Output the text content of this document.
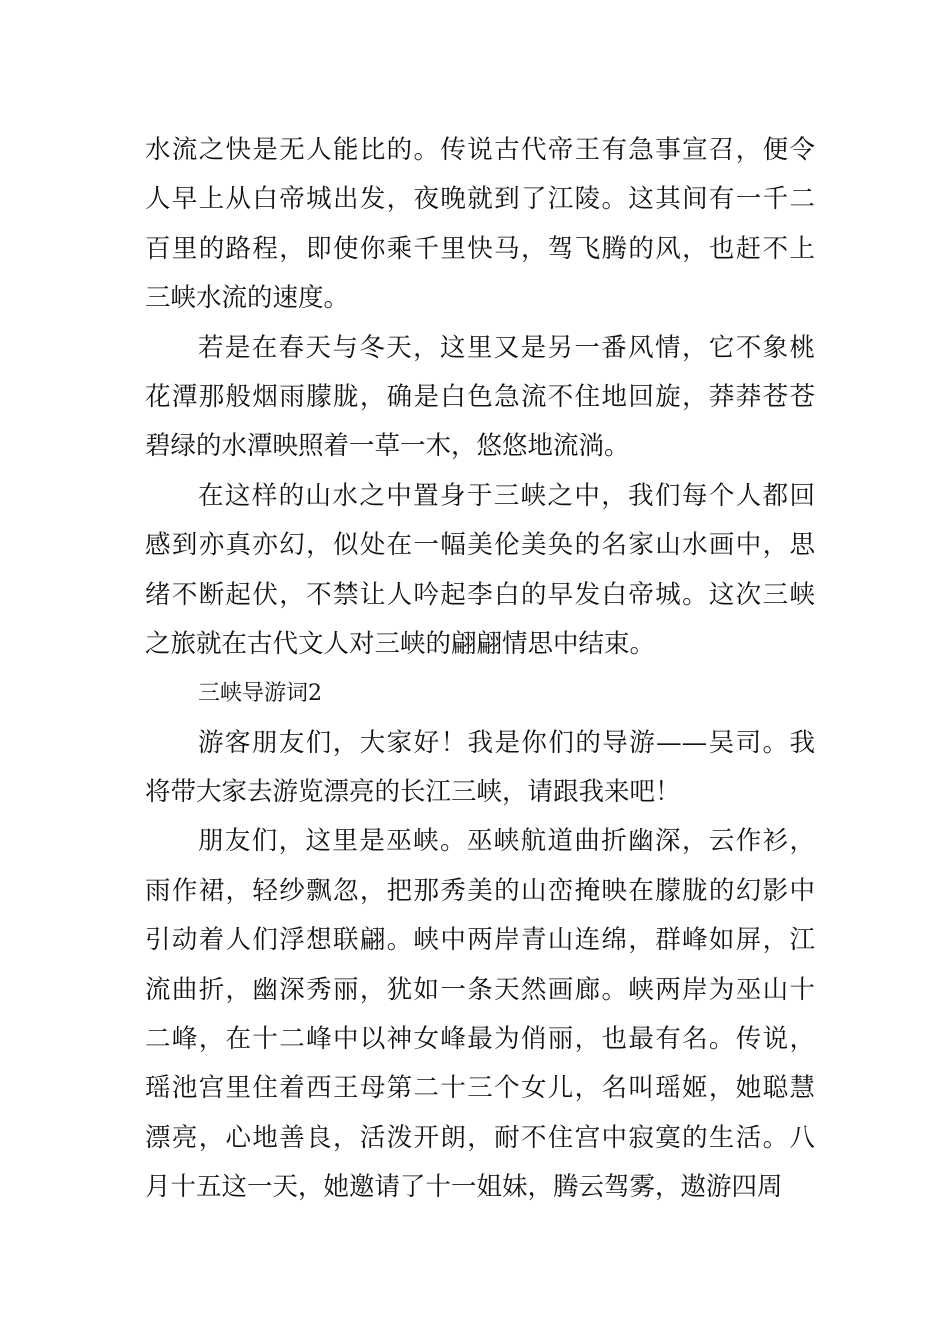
水流之快是无人能比的。传说古代帝王有急事宣召，便令
人早上从白帝城出发，夜晚就到了江陵。这其间有一千二
百里的路程，即使你乘千里快马，驾飞腾的风，也赶不上
三峡水流的速度。
若是在春天与冬天，这里又是另一番风情，它不象桃
花潭那般烟雨朦胧，确是白色急流不住地回旋，莽莽苍苍
碧绿的水潭映照着一草一木，悠悠地流淌。
在这样的山水之中置身于三峡之中，我们每个人都回
感到亦真亦幻，似处在一幅美伦美奂的名家山水画中，思
绪不断起伏，不禁让人吟起李白的早发白帝城。这次三峡
之旅就在古代文人对三峡的翩翩情思中结束。
三峡导游词2
游客朋友们，大家好！我是你们的导游——吴司。我
将带大家去游览漂亮的长江三峡，请跟我来吧！
朋友们，这里是巫峡。巫峡航道曲折幽深，云作衫，
雨作裙，轻纱飘忽，把那秀美的山峦掩映在朦胧的幻影中
引动着人们浮想联翩。峡中两岸青山连绵，群峰如屏，江
流曲折，幽深秀丽，犹如一条天然画廊。峡两岸为巫山十
二峰，在十二峰中以神女峰最为俏丽，也最有名。传说，
瑶池宫里住着西王母第二十三个女儿，名叫瑶姬，她聪慧
漂亮，心地善良，活泼开朗，耐不住宫中寂寞的生活。八
月十五这一天，她邀请了十一姐妹，腾云驾雾，遨游四周
